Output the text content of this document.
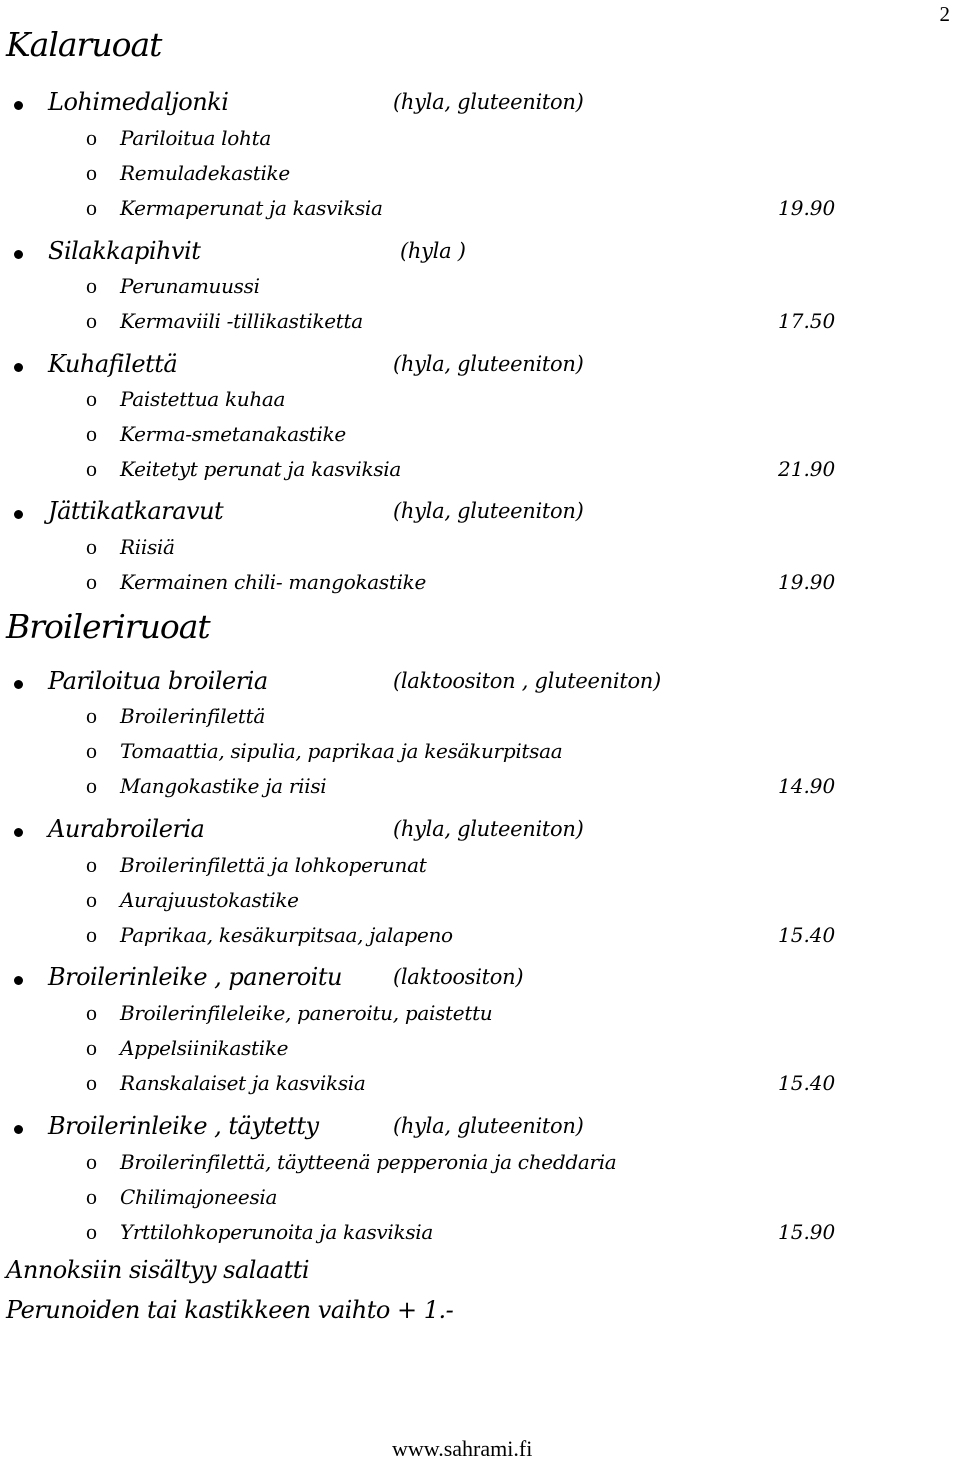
2
Kalaruoat
Lohimedaljonki	(hyla, gluteeniton)
o Pariloitua lohta
o Remuladekastike
o Kermaperunat ja kasviksia	19.90
Silakkapihvit	(hyla )
o Perunamuussi
o Kermaviili -tillikastiketta	17.50
Kuhafilettä	(hyla, gluteeniton)
o Paistettua kuhaa
o Kerma-smetanakastike
o Keitetyt perunat ja kasviksia	21.90
Jättikatkaravut	(hyla, gluteeniton)
o Riisiä
o Kermainen chili- mangokastike	19.90
Broileriruoat
Pariloitua broileria	(laktoositon , gluteeniton)
o Broilerinfilettä
o Tomaattia, sipulia, paprikaa ja kesäkurpitsaa
o Mangokastike ja riisi	14.90
Aurabroileria	(hyla, gluteeniton)
o Broilerinfilettä ja lohkoperunat
o Aurajuustokastike
o Paprikaa, kesäkurpitsaa, jalapeno	15.40
Broilerinleike , paneroitu (laktoositon)
o Broilerinfileleike, paneroitu, paistettu
o Appelsiinikastike
o Ranskalaiset ja kasviksia	15.40
Broilerinleike , täytetty	(hyla, gluteeniton)
o Broilerinfilettä, täytteenä pepperonia ja cheddaria
o Chilimajoneesia
o Yrttilohkoperunoita ja kasviksia	15.90
Annoksiin sisältyy salaatti
Perunoiden tai kastikkeen vaihto + 1.-
www.sahrami.fi
